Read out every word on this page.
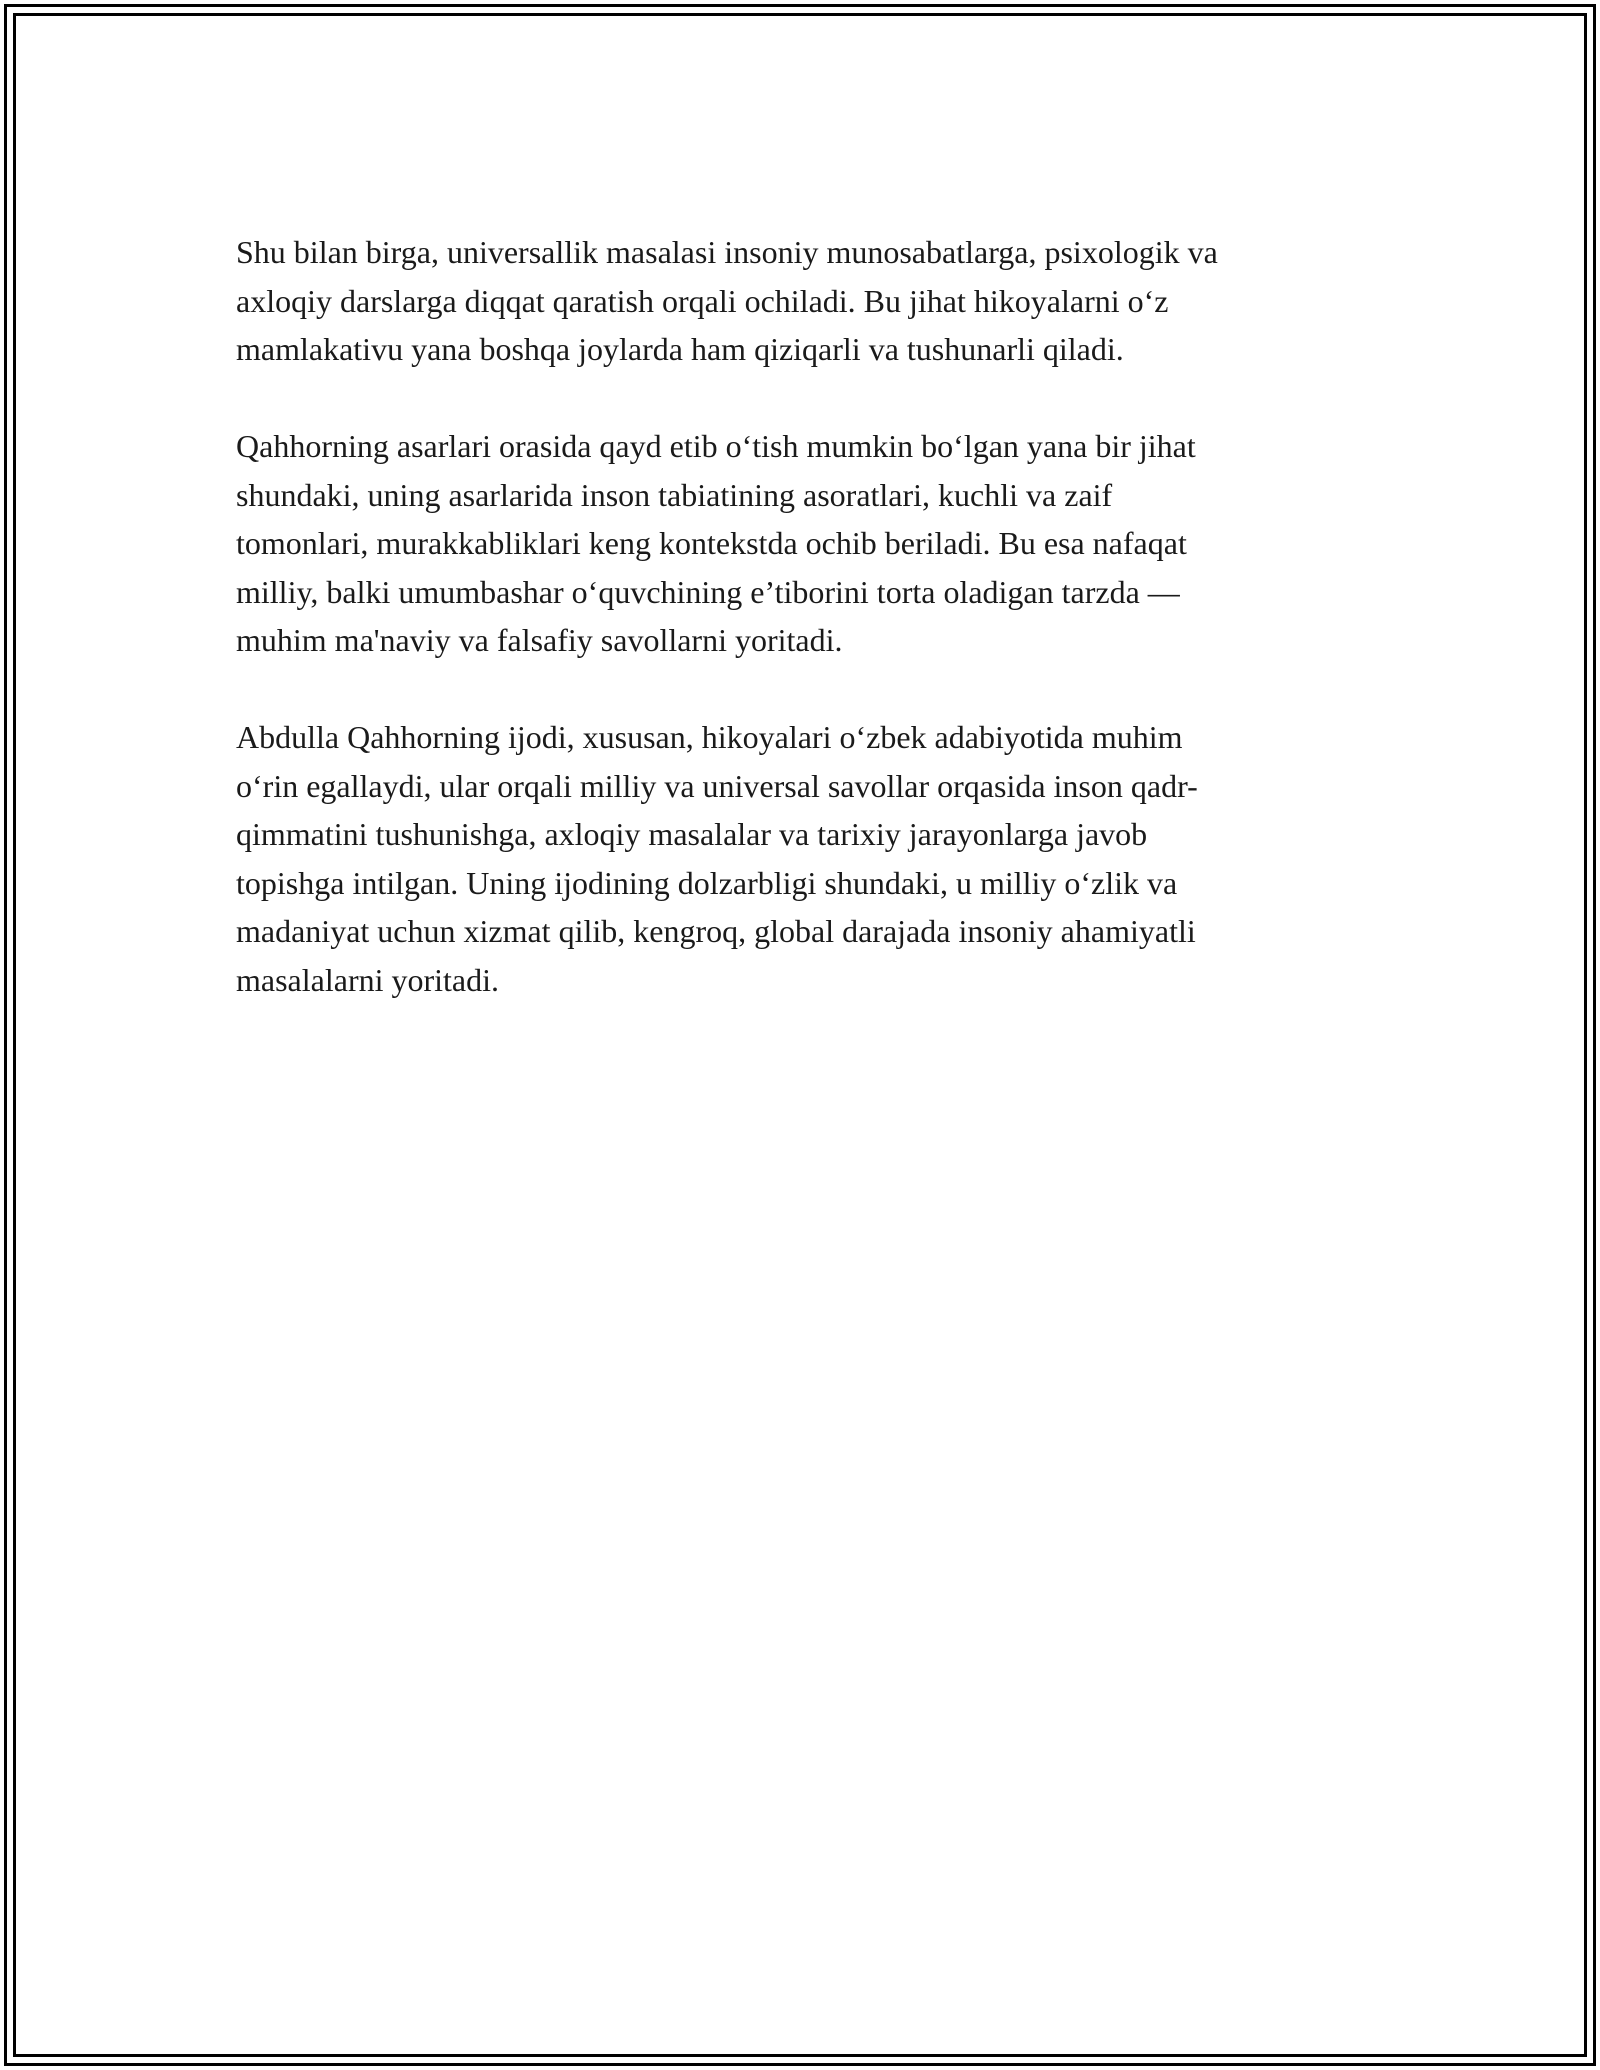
Shu bilan birga, universallik masalasi insoniy munosabatlarga, psixologik va
axloqiy darslarga diqqat qaratish orqali ochiladi. Bu jihat hikoyalarni o‘z
mamlakativu yana boshqa joylarda ham qiziqarli va tushunarli qiladi.

Qahhorning asarlari orasida qayd etib o‘tish mumkin bo‘lgan yana bir jihat
shundaki, uning asarlarida inson tabiatining asoratlari, kuchli va zaif
tomonlari, murakkabliklari keng kontekstda ochib beriladi. Bu esa nafaqat
milliy, balki umumbashar o‘quvchining e’tiborini torta oladigan tarzda —
muhim ma'naviy va falsafiy savollarni yoritadi.

Abdulla Qahhorning ijodi, xususan, hikoyalari o‘zbek adabiyotida muhim
o‘rin egallaydi, ular orqali milliy va universal savollar orqasida inson qadr-
qimmatini tushunishga, axloqiy masalalar va tarixiy jarayonlarga javob
topishga intilgan. Uning ijodining dolzarbligi shundaki, u milliy o‘zlik va
madaniyat uchun xizmat qilib, kengroq, global darajada insoniy ahamiyatli
masalalarni yoritadi.
